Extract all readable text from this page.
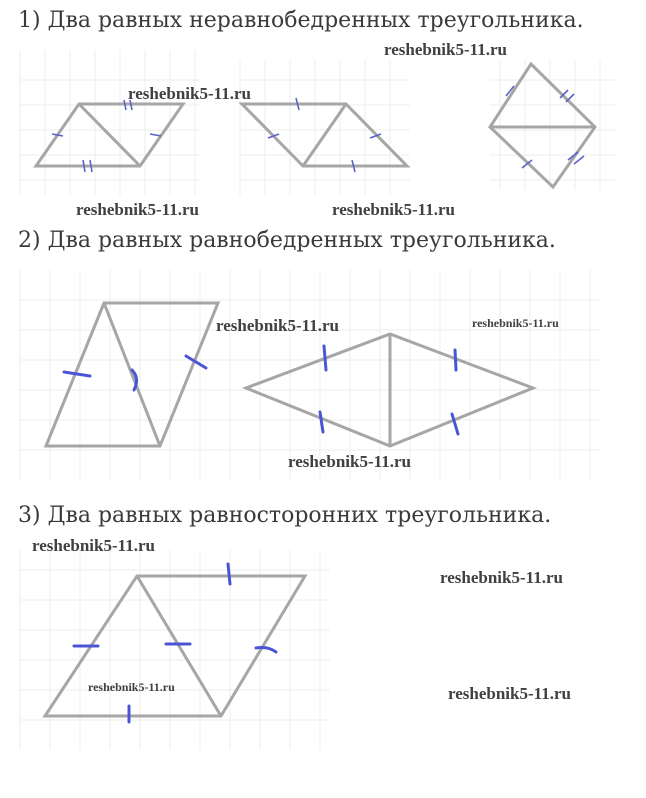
1) Два равных неравнобедренных треугольника.
2) Два равных равнобедренных треугольника.
3) Два равных равносторонних треугольника.
reshebnik5-11.ru
reshebnik5-11.ru
reshebnik5-11.ru	reshebnik5-11.ru
reshebnik5-11.ru	reshebnik5-11.ru
reshebnik5-11.ru
reshebnik5-11.ru
reshebnik5-11.ru
reshebnik5-11.ru	reshebnik5-11.ru
